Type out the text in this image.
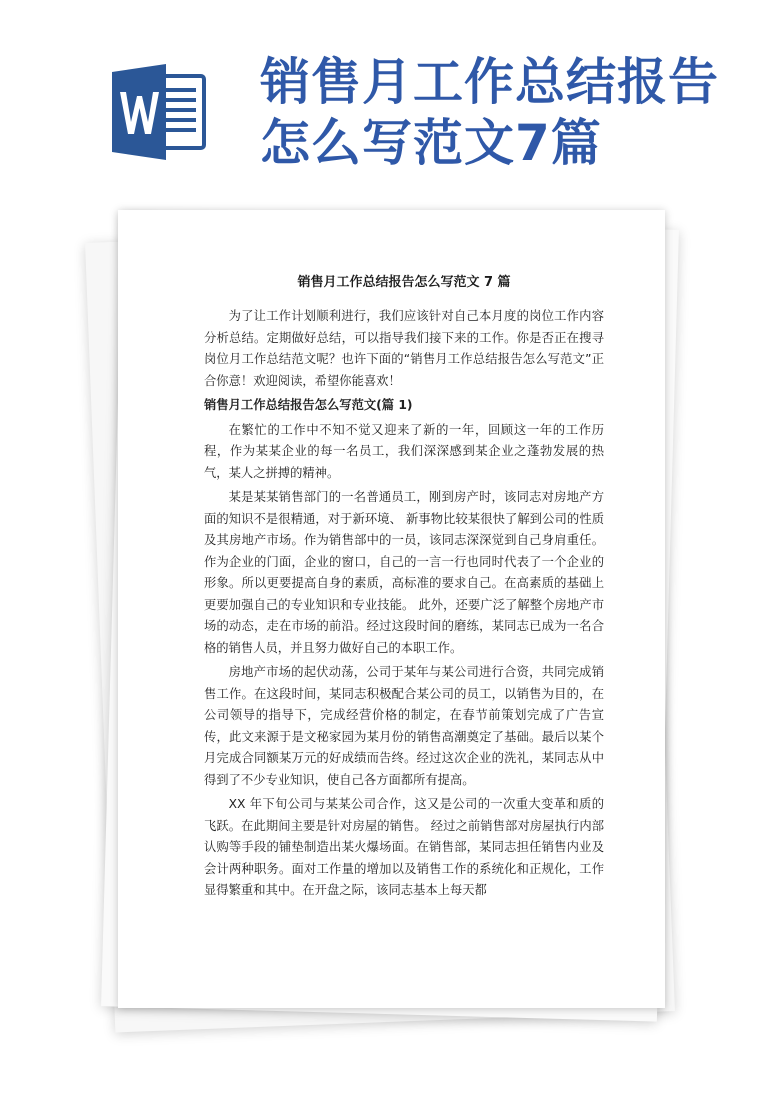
销售月工作总结报告怎么写范文7篇

销售月工作总结报告怎么写范文 7 篇

为了让工作计划顺利进行，我们应该针对自己本月度的岗位工作内容分析总结。定期做好总结，可以指导我们接下来的工作。你是否正在搜寻岗位月工作总结范文呢？也许下面的“销售月工作总结报告怎么写范文”正合你意！欢迎阅读，希望你能喜欢！

销售月工作总结报告怎么写范文(篇 1)

在繁忙的工作中不知不觉又迎来了新的一年，回顾这一年的工作历程，作为某某企业的每一名员工，我们深深感到某企业之蓬勃发展的热气，某人之拼搏的精神。

某是某某销售部门的一名普通员工，刚到房产时，该同志对房地产方面的知识不是很精通，对于新环境、 新事物比较某很快了解到公司的性质及其房地产市场。作为销售部中的一员，该同志深深觉到自己身肩重任。作为企业的门面，企业的窗口，自己的一言一行也同时代表了一个企业的形象。所以更要提高自身的素质，高标准的要求自己。在高素质的基础上更要加强自己的专业知识和专业技能。 此外，还要广泛了解整个房地产市场的动态，走在市场的前沿。经过这段时间的磨练，某同志已成为一名合格的销售人员，并且努力做好自己的本职工作。

房地产市场的起伏动荡，公司于某年与某公司进行合资，共同完成销售工作。在这段时间，某同志积极配合某公司的员工，以销售为目的，在公司领导的指导下，完成经营价格的制定，在春节前策划完成了广告宣传，此文来源于是文秘家园为某月份的销售高潮奠定了基础。最后以某个月完成合同额某万元的好成绩而告终。经过这次企业的洗礼，某同志从中得到了不少专业知识，使自己各方面都所有提高。

XX 年下旬公司与某某公司合作，这又是公司的一次重大变革和质的飞跃。在此期间主要是针对房屋的销售。 经过之前销售部对房屋执行内部认购等手段的铺垫制造出某火爆场面。在销售部，某同志担任销售内业及会计两种职务。面对工作量的增加以及销售工作的系统化和正规化，工作显得繁重和其中。在开盘之际，该同志基本上每天都
